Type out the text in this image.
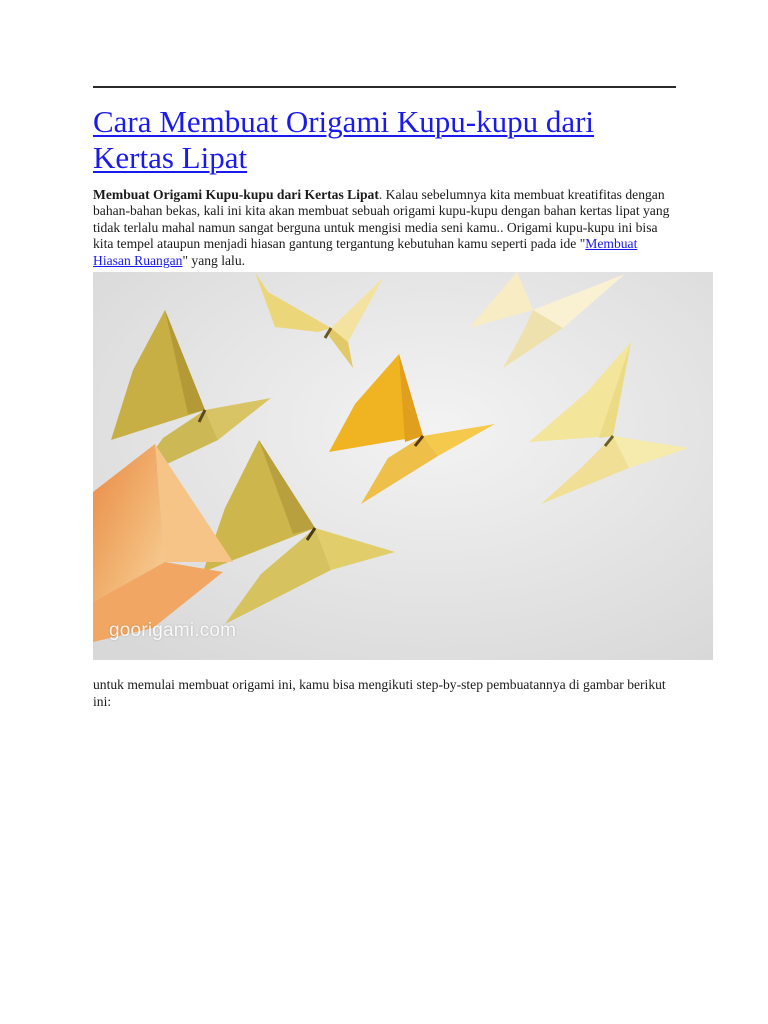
Cara Membuat Origami Kupu-kupu dari Kertas Lipat

Membuat Origami Kupu-kupu dari Kertas Lipat. Kalau sebelumnya kita membuat kreatifitas dengan bahan-bahan bekas, kali ini kita akan membuat sebuah origami kupu-kupu dengan bahan kertas lipat yang tidak terlalu mahal namun sangat berguna untuk mengisi media seni kamu.. Origami kupu-kupu ini bisa kita tempel ataupun menjadi hiasan gantung tergantung kebutuhan kamu seperti pada ide "Membuat Hiasan Ruangan" yang lalu.

goorigami.com

untuk memulai membuat origami ini, kamu bisa mengikuti step-by-step pembuatannya di gambar berikut ini:
